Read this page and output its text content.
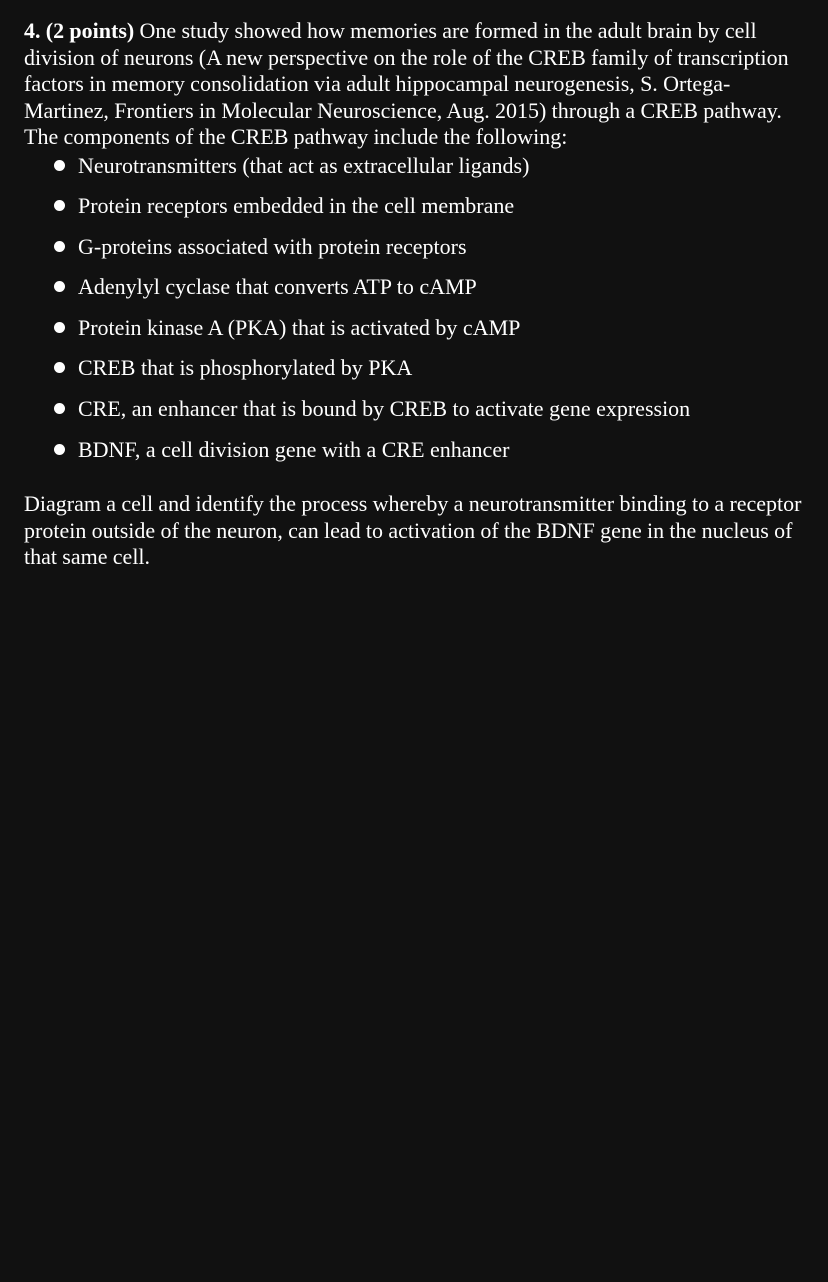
4. (2 points) One study showed how memories are formed in the adult brain by cell division of neurons (A new perspective on the role of the CREB family of transcription factors in memory consolidation via adult hippocampal neurogenesis, S. Ortega-Martinez, Frontiers in Molecular Neuroscience, Aug. 2015) through a CREB pathway. The components of the CREB pathway include the following:

Neurotransmitters (that act as extracellular ligands)
Protein receptors embedded in the cell membrane
G-proteins associated with protein receptors
Adenylyl cyclase that converts ATP to cAMP
Protein kinase A (PKA) that is activated by cAMP
CREB that is phosphorylated by PKA
CRE, an enhancer that is bound by CREB to activate gene expression
BDNF, a cell division gene with a CRE enhancer

Diagram a cell and identify the process whereby a neurotransmitter binding to a receptor protein outside of the neuron, can lead to activation of the BDNF gene in the nucleus of that same cell.
